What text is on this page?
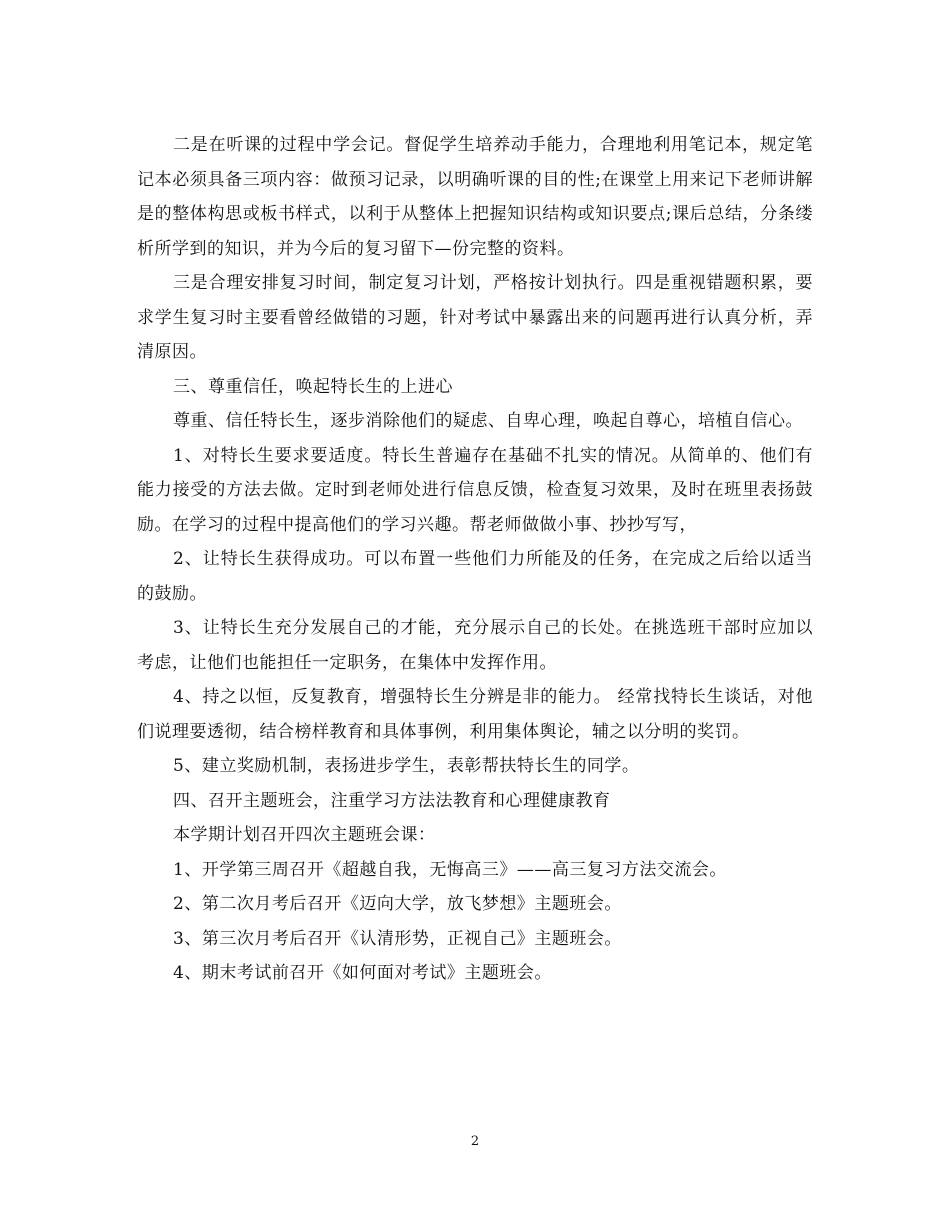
二是在听课的过程中学会记。督促学生培养动手能力，合理地利用笔记本，规定笔记本必须具备三项内容：做预习记录，以明确听课的目的性;在课堂上用来记下老师讲解是的整体构思或板书样式，以利于从整体上把握知识结构或知识要点;课后总结，分条缕析所学到的知识，并为今后的复习留下—份完整的资料。

三是合理安排复习时间，制定复习计划，严格按计划执行。四是重视错题积累，要求学生复习时主要看曾经做错的习题，针对考试中暴露出来的问题再进行认真分析，弄清原因。

三、尊重信任，唤起特长生的上进心

尊重、信任特长生，逐步消除他们的疑虑、自卑心理，唤起自尊心，培植自信心。

1、对特长生要求要适度。特长生普遍存在基础不扎实的情况。从简单的、他们有能力接受的方法去做。定时到老师处进行信息反馈，检查复习效果，及时在班里表扬鼓励。在学习的过程中提高他们的学习兴趣。帮老师做做小事、抄抄写写，

2、让特长生获得成功。可以布置一些他们力所能及的任务，在完成之后给以适当的鼓励。

3、让特长生充分发展自己的才能，充分展示自己的长处。在挑选班干部时应加以考虑，让他们也能担任一定职务，在集体中发挥作用。

4、持之以恒，反复教育，增强特长生分辨是非的能力。 经常找特长生谈话，对他们说理要透彻，结合榜样教育和具体事例，利用集体舆论，辅之以分明的奖罚。

5、建立奖励机制，表扬进步学生，表彰帮扶特长生的同学。

四、召开主题班会，注重学习方法法教育和心理健康教育

本学期计划召开四次主题班会课：

1、开学第三周召开《超越自我，无悔高三》——高三复习方法交流会。

2、第二次月考后召开《迈向大学，放飞梦想》主题班会。

3、第三次月考后召开《认清形势，正视自己》主题班会。

4、期末考试前召开《如何面对考试》主题班会。

2
